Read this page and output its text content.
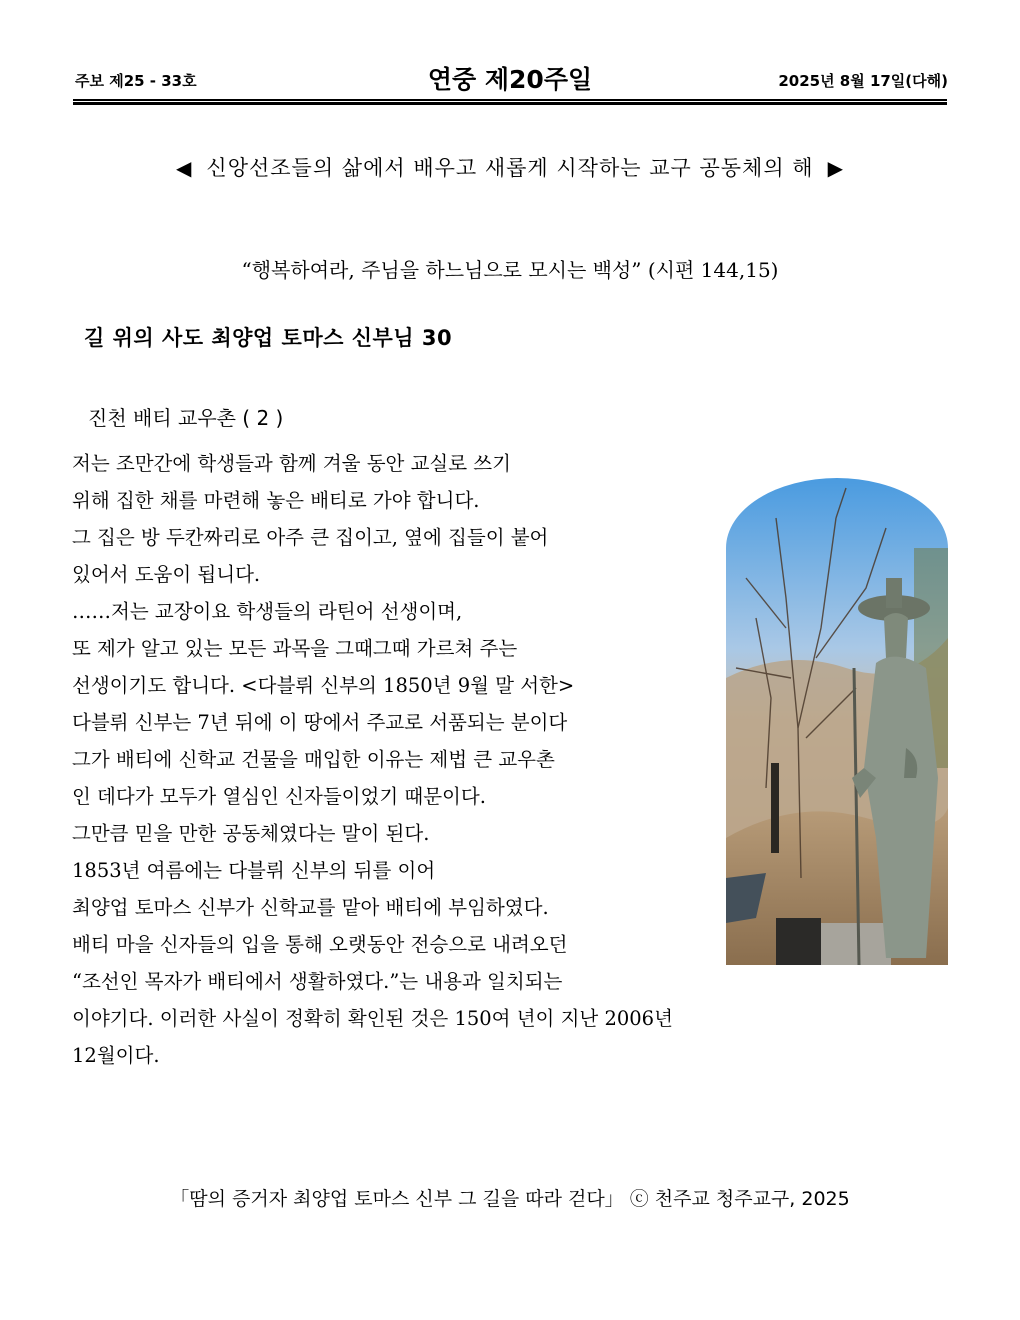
주보 제25 - 33호	연중 제20주일	2025년 8월 17일(다해)
◀ 신앙선조들의 삶에서 배우고 새롭게 시작하는 교구 공동체의 해 ▶
“행복하여라, 주님을 하느님으로 모시는 백성” (시편 144,15)
길 위의 사도 최양업 토마스 신부님 30
진천 배티 교우촌 ( 2 )
저는 조만간에 학생들과 함께 겨울 동안 교실로 쓰기
위해 집한 채를 마련해 놓은 배티로 가야 합니다.
그 집은 방 두칸짜리로 아주 큰 집이고, 옆에 집들이 붙어
있어서 도움이 됩니다.
……저는 교장이요 학생들의 라틴어 선생이며,
또 제가 알고 있는 모든 과목을 그때그때 가르쳐 주는
선생이기도 합니다. <다블뤼 신부의 1850년 9월 말 서한>
다블뤼 신부는 7년 뒤에 이 땅에서 주교로 서품되는 분이다
그가 배티에 신학교 건물을 매입한 이유는 제법 큰 교우촌
인 데다가 모두가 열심인 신자들이었기 때문이다.
그만큼 믿을 만한 공동체였다는 말이 된다.
1853년 여름에는 다블뤼 신부의 뒤를 이어
최양업 토마스 신부가 신학교를 맡아 배티에 부임하였다.
배티 마을 신자들의 입을 통해 오랫동안 전승으로 내려오던
“조선인 목자가 배티에서 생활하였다.”는 내용과 일치되는
이야기다. 이러한 사실이 정확히 확인된 것은 150여 년이 지난 2006년
12월이다.
「땀의 증거자 최양업 토마스 신부 그 길을 따라 걷다」 ⓒ 천주교 청주교구, 2025
